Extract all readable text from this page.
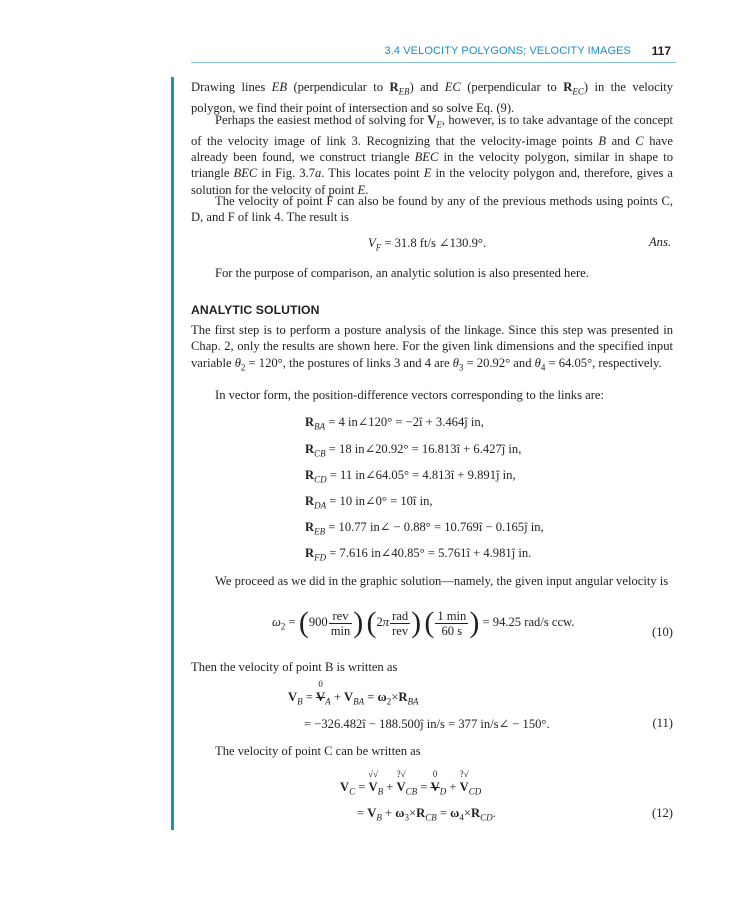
3.4 VELOCITY POLYGONS; VELOCITY IMAGES 117
Drawing lines EB (perpendicular to $R_{EB}$) and EC (perpendicular to $R_{EC}$) in the velocity polygon, we find their point of intersection and so solve Eq. (9).
Perhaps the easiest method of solving for $V_E$, however, is to take advantage of the concept of the velocity image of link 3. Recognizing that the velocity-image points B and C have already been found, we construct triangle BEC in the velocity polygon, similar in shape to triangle BEC in Fig. 3.7a. This locates point E in the velocity polygon and, therefore, gives a solution for the velocity of point E.
The velocity of point F can also be found by any of the previous methods using points C, D, and F of link 4. The result is
$V_F = 31.8$ ft/s ∠130.9°.	Ans.
For the purpose of comparison, an analytic solution is also presented here.
ANALYTIC SOLUTION
The first step is to perform a posture analysis of the linkage. Since this step was presented in Chap. 2, only the results are shown here. For the given link dimensions and the specified input variable $\theta_2 = 120^\circ$, the postures of links 3 and 4 are $\theta_3 = 20.92^\circ$ and $\theta_4 = 64.05^\circ$, respectively.
In vector form, the position-difference vectors corresponding to the links are:
$R_{BA} = 4$ in∠120° = −2î + 3.464ĵ in,
$R_{CB} = 18$ in∠20.92° = 16.813î + 6.427ĵ in,
$R_{CD} = 11$ in∠64.05° = 4.813î + 9.891ĵ in,
$R_{DA} = 10$ in∠0° = 10î in,
$R_{EB} = 10.77$ in∠ − 0.88° = 10.769î − 0.165ĵ in,
$R_{FD} = 7.616$ in∠40.85° = 5.761î + 4.981ĵ in.
We proceed as we did in the graphic solution—namely, the given input angular velocity is
$\omega_2 = (900 \frac{\text{rev}}{\min}$ ) ($2\pi \frac{\text{rad}}{\text{rev}}$ ) ( $\frac{1 \min}{60 s}$ ) = 94.25 rad/s ccw.
(10)
Then the velocity of point B is written as
$V_B = V$
0
$_A + V_{BA} = \omega_2\times R_{BA}$
= −326.482î − 188.500ĵ in/s = 377 in/s∠ − 150°.	(11)
The velocity of point C can be written as
$V_C = V$
√√
$_B$ + V
?√
$_{CB}$ = V
0
$_D$ + V
?√
$_{CD}$
= $V_B + \omega_3\times R_{CB} = \omega_4\times R_{CD}$.	(12)
